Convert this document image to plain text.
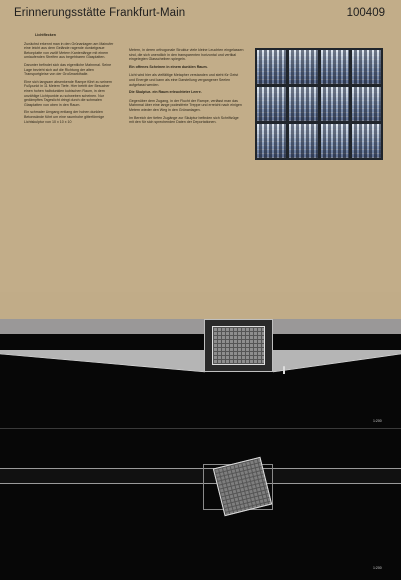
Erinnerungsstätte Frankfurt-Main	100409

Lichtflecken

Zunächst erkennt man in den Grünanlagen am Mainufer eine leicht aus dem Gelände ragende dunkelgraue Betonplatte von zwölf Metern Kantenlänge mit einem umlaufenden Streifen aus begehbaren Glasplatten.

Darunter befindet sich das eigentliche Mahnmal. Seine Lage bezieht sich auf die Richtung der alten Transportgleise von der Großmarkthalle.

Eine sich langsam absenkende Rampe führt zu seinem Fußpunkt in 11 Metern Tiefe. Hier betritt der Besucher einen hohen halbdunklen kubischen Raum, in dem unzählige Lichtpunkte zu schweben scheinen. Nur gedämpftes Tageslicht dringt durch die schmalen Glasplatten von oben in den Raum.

Ein schmaler Umgang entlang der hohen dunklen Betonwände führt um eine raumhohe gitterförmige Lichtskulptur von 10 x 10 x 10

Metern, in deren orthogonale Struktur viele kleine Leuchten eingelassen sind, die sich unendlich in den transparenten horizontal und vertikal eingelegten Glasscheiben spiegeln.

Ein offenes Scheinen in einem dunklen Raum.

Licht wird hier als vielfältige Metapher verstanden und steht für Geist und Energie und kann als eine Darstellung vergangener Seelen aufgefasst werden.

Die Skulptur- ein Raum erleuchteter Leere.

Gegenüber dem Zugang, in der Flucht der Rampe, verlässt man das Mahnmal über eine lange podestfreie Treppe und erreicht nach einigen Metern wieder den Weg in den Grünanlagen.

Im Bereich der tiefen Zugänge zur Skulptur befinden sich Schriftzüge mit den für sich sprechenden Daten der Deportationen.

1:200
1:200
